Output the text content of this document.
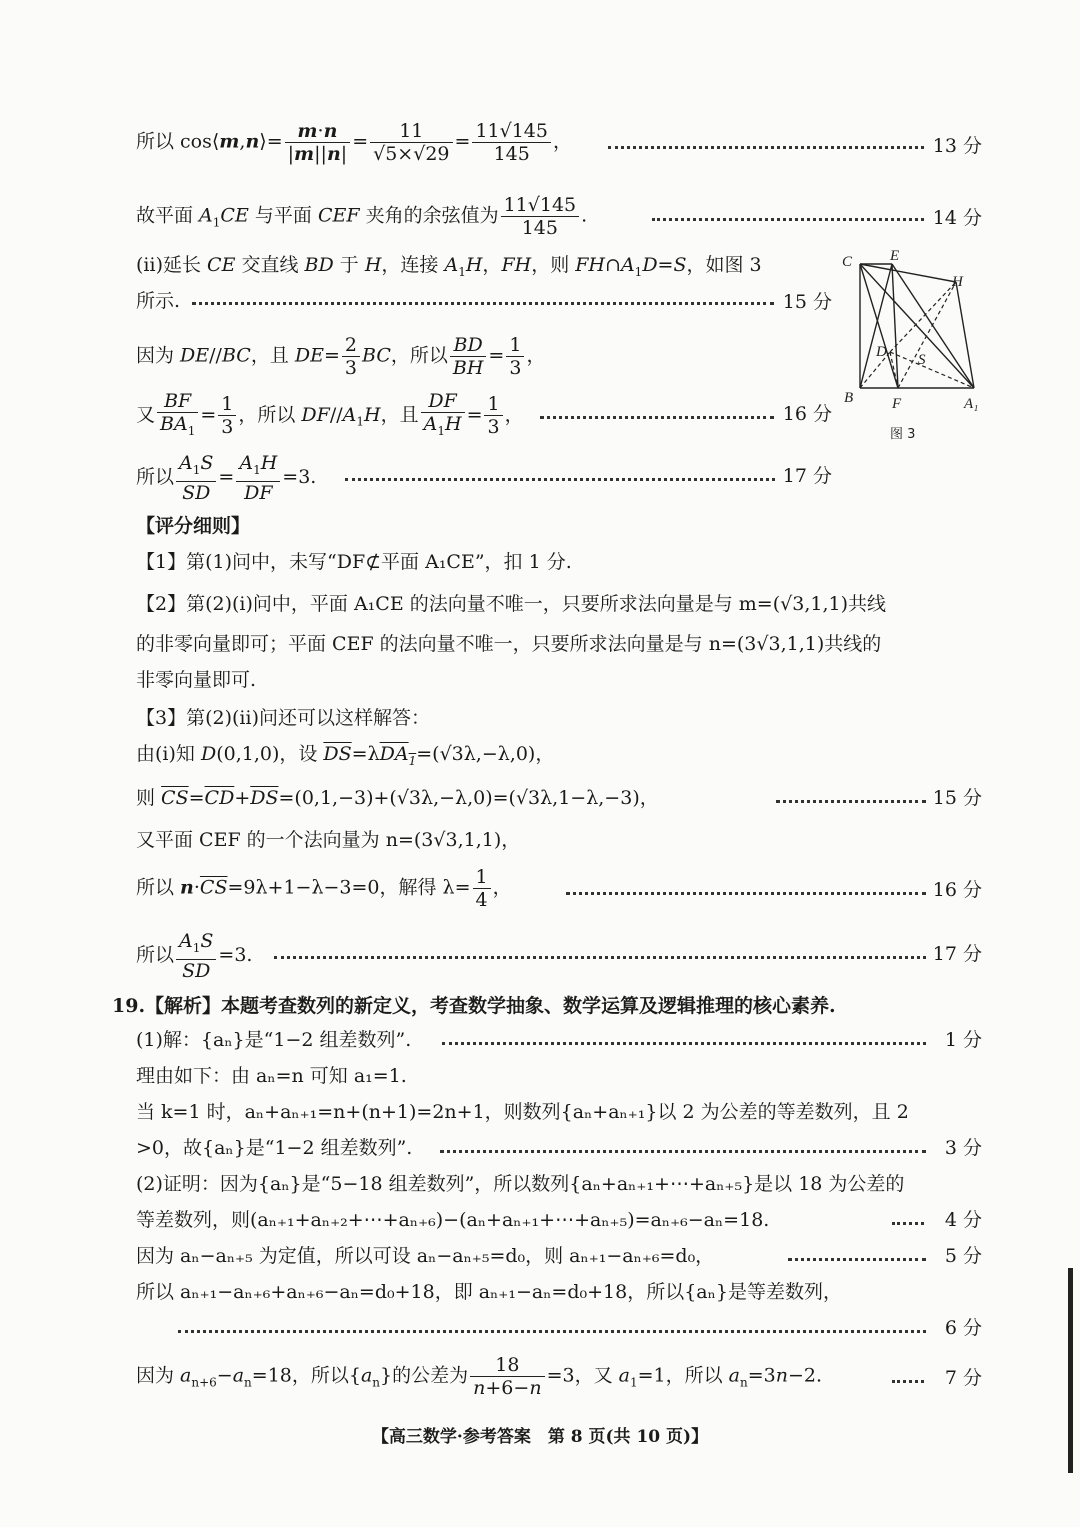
所以 cos⟨m,n⟩= $\frac{m\cdot n}{|m||n|} = \frac{11}{√5\times√29} = \frac{11√145}{145}$ ，	13 分
故平面 $A_1CE$ 与平面 CEF 夹角的余弦值为 $\frac{11√145}{145}$ .	14 分
(ⅱ)延长 CE 交直线 BD 于 H，连接 $A_1H$，FH，则 $FH\cap A_1D=S$，如图 3
所示.	15 分
因为 DE//BC，且 $DE= \frac{2}{3}$ BC，所以 $\frac{BD}{BH} = \frac{1}{3}$ ，
又 $\frac{BF}{BA_1} = \frac{1}{3}$ ，所以 $DF//A_1H$，且 $\frac{DF}{A_1H} = \frac{1}{3}$ ，	16 分
所以 $\frac{A_1S}{SD} = \frac{A_1H}{DF} =3$.	17 分
C	E
H
D S
B	F	A₁
图 3
【评分细则】
【1】第(1)问中，未写“DF⊄平面 A₁CE”，扣 1 分.
【2】第(2)(ⅰ)问中，平面 A₁CE 的法向量不唯一，只要所求法向量是与 m=(√3,1,1)共线
的非零向量即可；平面 CEF 的法向量不唯一，只要所求法向量是与 n=(3√3,1,1)共线的
非零向量即可.
【3】第(2)(ⅱ)问还可以这样解答：
由(ⅰ)知 D(0,1,0)，设 $\overline{DS}=\lambda DA_1=(√3\lambda,-\lambda,0)$，
则 $\overline{CS}=\overline{CD}+\overline{DS}=(0,1,-3)+(√3\lambda,-\lambda,0)=(√3\lambda,1-\lambda,-3)$，	15 分
又平面 CEF 的一个法向量为 n=(3√3,1,1)，
所以 $n\cdot\overline{CS}=9\lambda+1-\lambda-3=0$，解得 $\lambda= \frac{1}{4}$ ，	16 分
所以 $\frac{A_1S}{SD} =3$.	17 分
19.【解析】本题考查数列的新定义，考查数学抽象、数学运算及逻辑推理的核心素养.
(1)解：{aₙ}是“1−2 组差数列”.	1 分
理由如下：由 aₙ=n 可知 a₁=1.
当 k=1 时，aₙ+aₙ₊₁=n+(n+1)=2n+1，则数列{aₙ+aₙ₊₁}以 2 为公差的等差数列，且 2
>0，故{aₙ}是“1−2 组差数列”.	3 分
(2)证明：因为{aₙ}是“5−18 组差数列”，所以数列{aₙ+aₙ₊₁+⋯+aₙ₊₅}是以 18 为公差的
等差数列，则(aₙ₊₁+aₙ₊₂+⋯+aₙ₊₆)−(aₙ+aₙ₊₁+⋯+aₙ₊₅)=aₙ₊₆−aₙ=18.	4 分
因为 aₙ−aₙ₊₅ 为定值，所以可设 aₙ−aₙ₊₅=d₀，则 aₙ₊₁−aₙ₊₆=d₀，	5 分
所以 aₙ₊₁−aₙ₊₆+aₙ₊₆−aₙ=d₀+18，即 aₙ₊₁−aₙ=d₀+18，所以{aₙ}是等差数列，
6 分
因为 $a_{n+6}-a_n=18$，所以$\{a_n\}$的公差为 $\frac{18}{n+6-n} =3$，又 $a_1=1$，所以 $a_n=3n-2$.	7 分
【高三数学·参考答案　第 8 页(共 10 页)】
